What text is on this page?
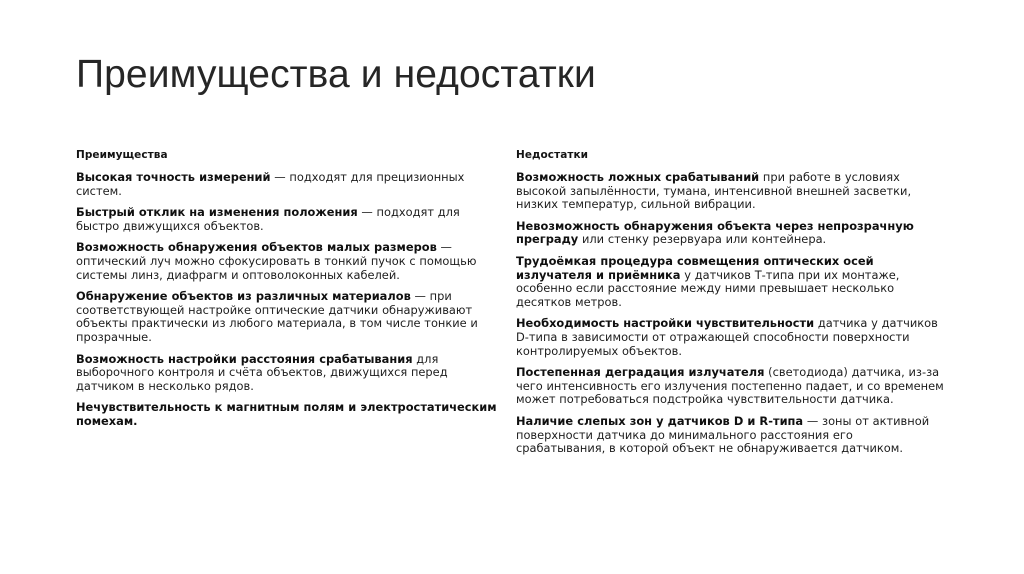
Преимущества и недостатки
Преимущества
Высокая точность измерений — подходят для прецизионных систем.
Быстрый отклик на изменения положения — подходят для быстро движущихся объектов.
Возможность обнаружения объектов малых размеров — оптический луч можно сфокусировать в тонкий пучок с помощью системы линз, диафрагм и оптоволоконных кабелей.
Обнаружение объектов из различных материалов — при соответствующей настройке оптические датчики обнаруживают объекты практически из любого материала, в том числе тонкие и прозрачные.
Возможность настройки расстояния срабатывания для выборочного контроля и счёта объектов, движущихся перед датчиком в несколько рядов.
Нечувствительность к магнитным полям и электростатическим помехам.
Недостатки
Возможность ложных срабатываний при работе в условиях высокой запылённости, тумана, интенсивной внешней засветки, низких температур, сильной вибрации.
Невозможность обнаружения объекта через непрозрачную преграду или стенку резервуара или контейнера.
Трудоёмкая процедура совмещения оптических осей излучателя и приёмника у датчиков Т-типа при их монтаже, особенно если расстояние между ними превышает несколько десятков метров.
Необходимость настройки чувствительности датчика у датчиков D-типа в зависимости от отражающей способности поверхности контролируемых объектов.
Постепенная деградация излучателя (светодиода) датчика, из-за чего интенсивность его излучения постепенно падает, и со временем может потребоваться подстройка чувствительности датчика.
Наличие слепых зон у датчиков D и R-типа — зоны от активной поверхности датчика до минимального расстояния его срабатывания, в которой объект не обнаруживается датчиком.
